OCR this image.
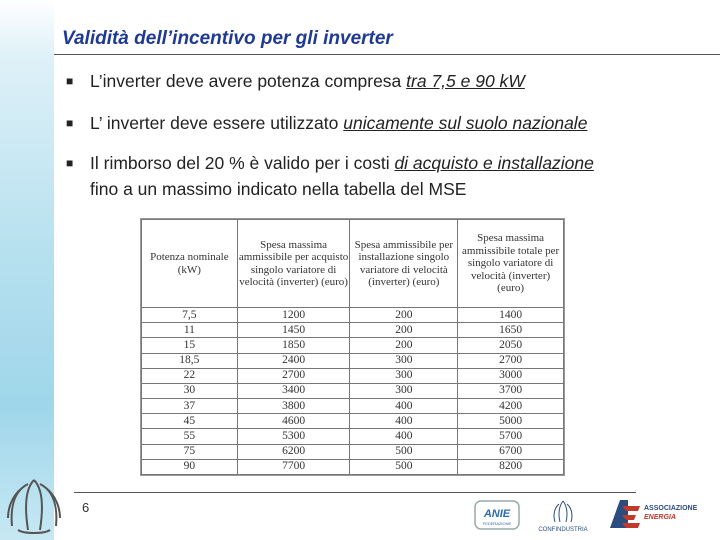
Validità dell’incentivo per gli inverter
■ L’inverter deve avere potenza compresa tra 7,5 e 90 kW
■ L’ inverter deve essere utilizzato unicamente sul suolo nazionale
■ Il rimborso del 20 % è valido per i costi di acquisto e installazione
fino a un massimo indicato nella tabella del MSE
Potenza nominale (kW)	Spesa massima ammissibile per acquisto singolo variatore di velocità (inverter) (euro)	Spesa ammissibile per installazione singolo variatore di velocità (inverter) (euro)	Spesa massima ammissibile totale per singolo variatore di velocità (inverter) (euro)
7,5	1200	200	1400
11	1450	200	1650
15	1850	200	2050
18,5	2400	300	2700
22	2700	300	3000
30	3400	300	3700
37	3800	400	4200
45	4600	400	5000
55	5300	400	5700
75	6200	500	6700
90	7700	500	8200
6	ANIE
FEDERAZIONE
CONFINDUSTRIA
ASSOCIAZIONE
ENERGIA
